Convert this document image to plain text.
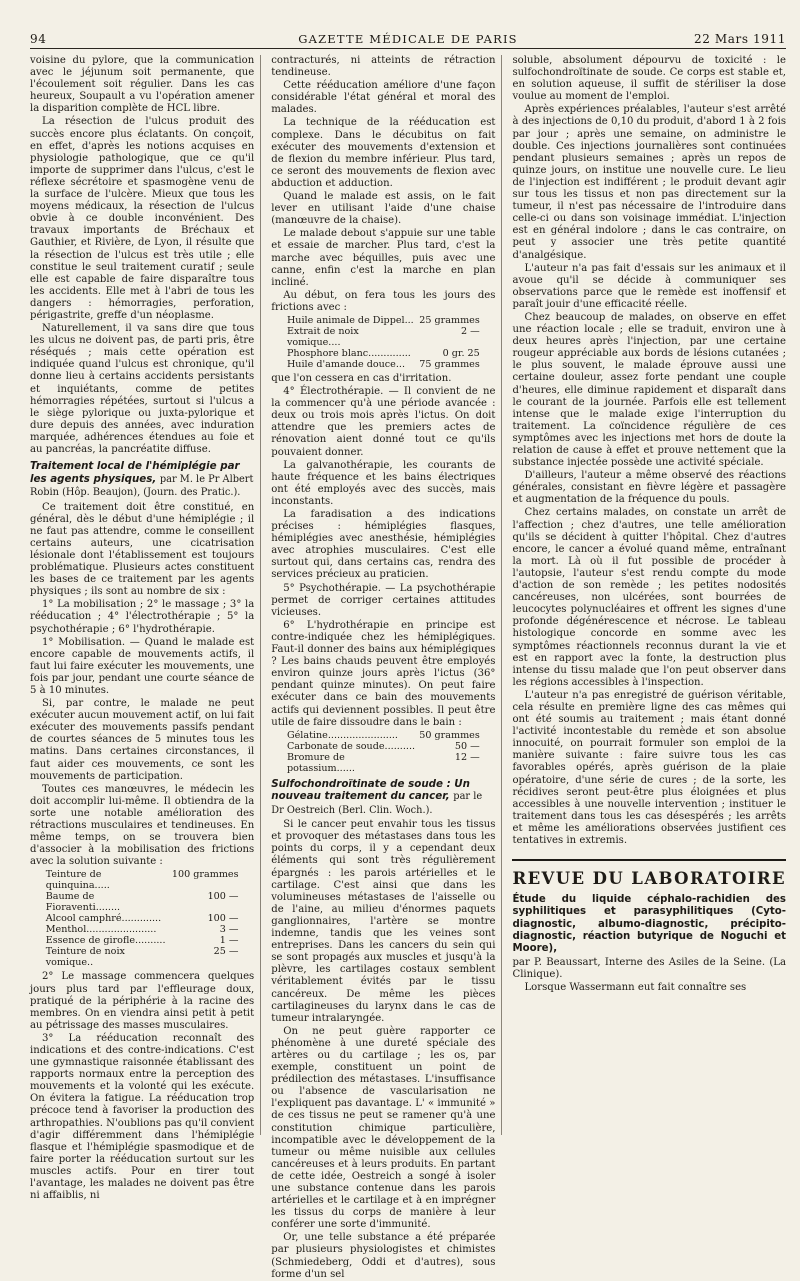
94	GAZETTE MÉDICALE DE PARIS	22 Mars 1911

voisine du pylore, que la communication avec le jéjunum soit permanente, que l'écoulement soit régulier. Dans les cas heureux, Soupault a vu l'opération amener la disparition complète de HCL libre.

La résection de l'ulcus produit des succès encore plus éclatants. On conçoit, en effet, d'après les notions acquises en physiologie pathologique, que ce qu'il importe de supprimer dans l'ulcus, c'est le réflexe sécrétoire et spasmogène venu de la surface de l'ulcère. Mieux que tous les moyens médicaux, la résection de l'ulcus obvie à ce double inconvénient. Des travaux importants de Bréchaux et Gauthier, et Rivière, de Lyon, il résulte que la résection de l'ulcus est très utile ; elle constitue le seul traitement curatif ; seule elle est capable de faire disparaître tous les accidents. Elle met à l'abri de tous les dangers : hémorragies, perforation, périgastrite, greffe d'un néoplasme.

Naturellement, il va sans dire que tous les ulcus ne doivent pas, de parti pris, être réséqués ; mais cette opération est indiquée quand l'ulcus est chronique, qu'il donne lieu à certains accidents persistants et inquiétants, comme de petites hémorragies répétées, surtout si l'ulcus a le siège pylorique ou juxta-pylorique et dure depuis des années, avec induration marquée, adhérences étendues au foie et au pancréas, la pancréatite diffuse.

Traitement local de l'hémiplégie par les agents physiques, par M. le Pr Albert Robin (Hôp. Beaujon), (Journ. des Pratic.).

Ce traitement doit être constitué, en général, dès le début d'une hémiplégie ; il ne faut pas attendre, comme le conseillent certains auteurs, une cicatrisation lésionale dont l'établissement est toujours problématique. Plusieurs actes constituent les bases de ce traitement par les agents physiques ; ils sont au nombre de six :

1° La mobilisation ; 2° le massage ; 3° la rééducation ; 4° l'électrothérapie ; 5° la psychothérapie ; 6° l'hydrothérapie.

1° Mobilisation. — Quand le malade est encore capable de mouvements actifs, il faut lui faire exécuter les mouvements, une fois par jour, pendant une courte séance de 5 à 10 minutes.

Si, par contre, le malade ne peut exécuter aucun mouvement actif, on lui fait exécuter des mouvements passifs pendant de courtes séances de 5 minutes tous les matins. Dans certaines circonstances, il faut aider ces mouvements, ce sont les mouvements de participation.

Toutes ces manœuvres, le médecin les doit accomplir lui-même. Il obtiendra de la sorte une notable amélioration des rétractions musculaires et tendineuses. En même temps, on se trouvera bien d'associer à la mobilisation des frictions avec la solution suivante :

Teinture de quinquina.....	100 grammes
Baume de Fioraventi........	100 —
Alcool camphré.............	100 —
Menthol.......................	3 —
Essence de girofle..........	1 —
Teinture de noix vomique..	25 —

2° Le massage commencera quelques jours plus tard par l'effleurage doux, pratiqué de la périphérie à la racine des membres. On en viendra ainsi petit à petit au pétrissage des masses musculaires.

3° La rééducation reconnaît des indications et des contre-indications. C'est une gymnastique raisonnée établissant des rapports normaux entre la perception des mouvements et la volonté qui les exécute. On évitera la fatigue. La rééducation trop précoce tend à favoriser la production des arthropathies. N'oublions pas qu'il convient d'agir différemment dans l'hémiplégie flasque et l'hémiplégie spasmodique et de faire porter la rééducation surtout sur les muscles actifs. Pour en tirer tout l'avantage, les malades ne doivent pas être ni affaiblis, ni

contracturés, ni atteints de rétraction tendineuse.

Cette rééducation améliore d'une façon considérable l'état général et moral des malades.

La technique de la rééducation est complexe. Dans le décubitus on fait exécuter des mouvements d'extension et de flexion du membre inférieur. Plus tard, ce seront des mouvements de flexion avec abduction et adduction.

Quand le malade est assis, on le fait lever en utilisant l'aide d'une chaise (manœuvre de la chaise).

Le malade debout s'appuie sur une table et essaie de marcher. Plus tard, c'est la marche avec béquilles, puis avec une canne, enfin c'est la marche en plan incliné.

Au début, on fera tous les jours des frictions avec :

Huile animale de Dippel...	25 grammes
Extrait de noix vomique....	2 —
Phosphore blanc..............	0 gr. 25
Huile d'amande douce...	75 grammes

que l'on cessera en cas d'irritation.

4° Électrothérapie. — Il convient de ne la commencer qu'à une période avancée : deux ou trois mois après l'ictus. On doit attendre que les premiers actes de rénovation aient donné tout ce qu'ils pouvaient donner.

La galvanothérapie, les courants de haute fréquence et les bains électriques ont été employés avec des succès, mais inconstants.

La faradisation a des indications précises : hémiplégies flasques, hémiplégies avec anesthésie, hémiplégies avec atrophies musculaires. C'est elle surtout qui, dans certains cas, rendra des services précieux au praticien.

5° Psychothérapie. — La psychothérapie permet de corriger certaines attitudes vicieuses.

6° L'hydrothérapie en principe est contre-indiquée chez les hémiplégiques. Faut-il donner des bains aux hémiplégiques ? Les bains chauds peuvent être employés environ quinze jours après l'ictus (36° pendant quinze minutes). On peut faire exécuter dans ce bain des mouvements actifs qui deviennent possibles. Il peut être utile de faire dissoudre dans le bain :

Gélatine.......................	50 grammes
Carbonate de soude..........	50 —
Bromure de potassium......	12 —
Sulfochondroïtinate de soude : Un nouveau traitement du cancer, par le Dr Oestreich (Berl. Clin. Woch.).

Si le cancer peut envahir tous les tissus et provoquer des métastases dans tous les points du corps, il y a cependant deux éléments qui sont très régulièrement épargnés : les parois artérielles et le cartilage. C'est ainsi que dans les volumineuses métastases de l'aisselle ou de l'aine, au milieu d'énormes paquets ganglionnaires, l'artère se montre indemne, tandis que les veines sont entreprises. Dans les cancers du sein qui se sont propagés aux muscles et jusqu'à la plèvre, les cartilages costaux semblent véritablement évités par le tissu cancéreux. De même les pièces cartilagineuses du larynx dans le cas de tumeur intralaryngée.

On ne peut guère rapporter ce phénomène à une dureté spéciale des artères ou du cartilage ; les os, par exemple, constituent un point de prédilection des métastases. L'insuffisance ou l'absence de vascularisation ne l'expliquent pas davantage. L' « immunité » de ces tissus ne peut se ramener qu'à une constitution chimique particulière, incompatible avec le développement de la tumeur ou même nuisible aux cellules cancéreuses et à leurs produits. En partant de cette idée, Oestreich a songé à isoler une substance contenue dans les parois artérielles et le cartilage et à en imprégner les tissus du corps de manière à leur conférer une sorte d'immunité.

Or, une telle substance a été préparée par plusieurs physiologistes et chimistes (Schmiedeberg, Oddi et d'autres), sous forme d'un sel

soluble, absolument dépourvu de toxicité : le sulfochondroïtinate de soude. Ce corps est stable et, en solution aqueuse, il suffit de stériliser la dose voulue au moment de l'emploi.

Après expériences préalables, l'auteur s'est arrêté à des injections de 0,10 du produit, d'abord 1 à 2 fois par jour ; après une semaine, on administre le double. Ces injections journalières sont continuées pendant plusieurs semaines ; après un repos de quinze jours, on institue une nouvelle cure. Le lieu de l'injection est indifférent ; le produit devant agir sur tous les tissus et non pas directement sur la tumeur, il n'est pas nécessaire de l'introduire dans celle-ci ou dans son voisinage immédiat. L'injection est en général indolore ; dans le cas contraire, on peut y associer une très petite quantité d'analgésique.

L'auteur n'a pas fait d'essais sur les animaux et il avoue qu'il se décide à communiquer ses observations parce que le remède est inoffensif et paraît jouir d'une efficacité réelle.

Chez beaucoup de malades, on observe en effet une réaction locale ; elle se traduit, environ une à deux heures après l'injection, par une certaine rougeur appréciable aux bords de lésions cutanées ; le plus souvent, le malade éprouve aussi une certaine douleur, assez forte pendant une couple d'heures, elle diminue rapidement et disparaît dans le courant de la journée. Parfois elle est tellement intense que le malade exige l'interruption du traitement. La coïncidence régulière de ces symptômes avec les injections met hors de doute la relation de cause à effet et prouve nettement que la substance injectée possède une activité spéciale.

D'ailleurs, l'auteur a même observé des réactions générales, consistant en fièvre légère et passagère et augmentation de la fréquence du pouls.

Chez certains malades, on constate un arrêt de l'affection ; chez d'autres, une telle amélioration qu'ils se décident à quitter l'hôpital. Chez d'autres encore, le cancer a évolué quand même, entraînant la mort. Là où il fut possible de procéder à l'autopsie, l'auteur s'est rendu compte du mode d'action de son remède ; les petites nodosités cancéreuses, non ulcérées, sont bourrées de leucocytes polynucléaires et offrent les signes d'une profonde dégénérescence et nécrose. Le tableau histologique concorde en somme avec les symptômes réactionnels reconnus durant la vie et est en rapport avec la fonte, la destruction plus intense du tissu malade que l'on peut observer dans les régions accessibles à l'inspection.

L'auteur n'a pas enregistré de guérison véritable, cela résulte en première ligne des cas mêmes qui ont été soumis au traitement ; mais étant donné l'activité incontestable du remède et son absolue innocuité, on pourrait formuler son emploi de la manière suivante : faire suivre tous les cas favorables opérés, après guérison de la plaie opératoire, d'une série de cures ; de la sorte, les récidives seront peut-être plus éloignées et plus accessibles à une nouvelle intervention ; instituer le traitement dans tous les cas désespérés ; les arrêts et même les améliorations observées justifient ces tentatives in extremis.

REVUE DU LABORATOIRE
Étude du liquide céphalo-rachidien des syphilitiques et parasyphilitiques (Cyto-diagnostic, albumo-diagnostic, précipito-diagnostic, réaction butyrique de Noguchi et Moore),
par P. Beaussart, Interne des Asiles de la Seine. (La Clinique).

Lorsque Wassermann eut fait connaître ses
